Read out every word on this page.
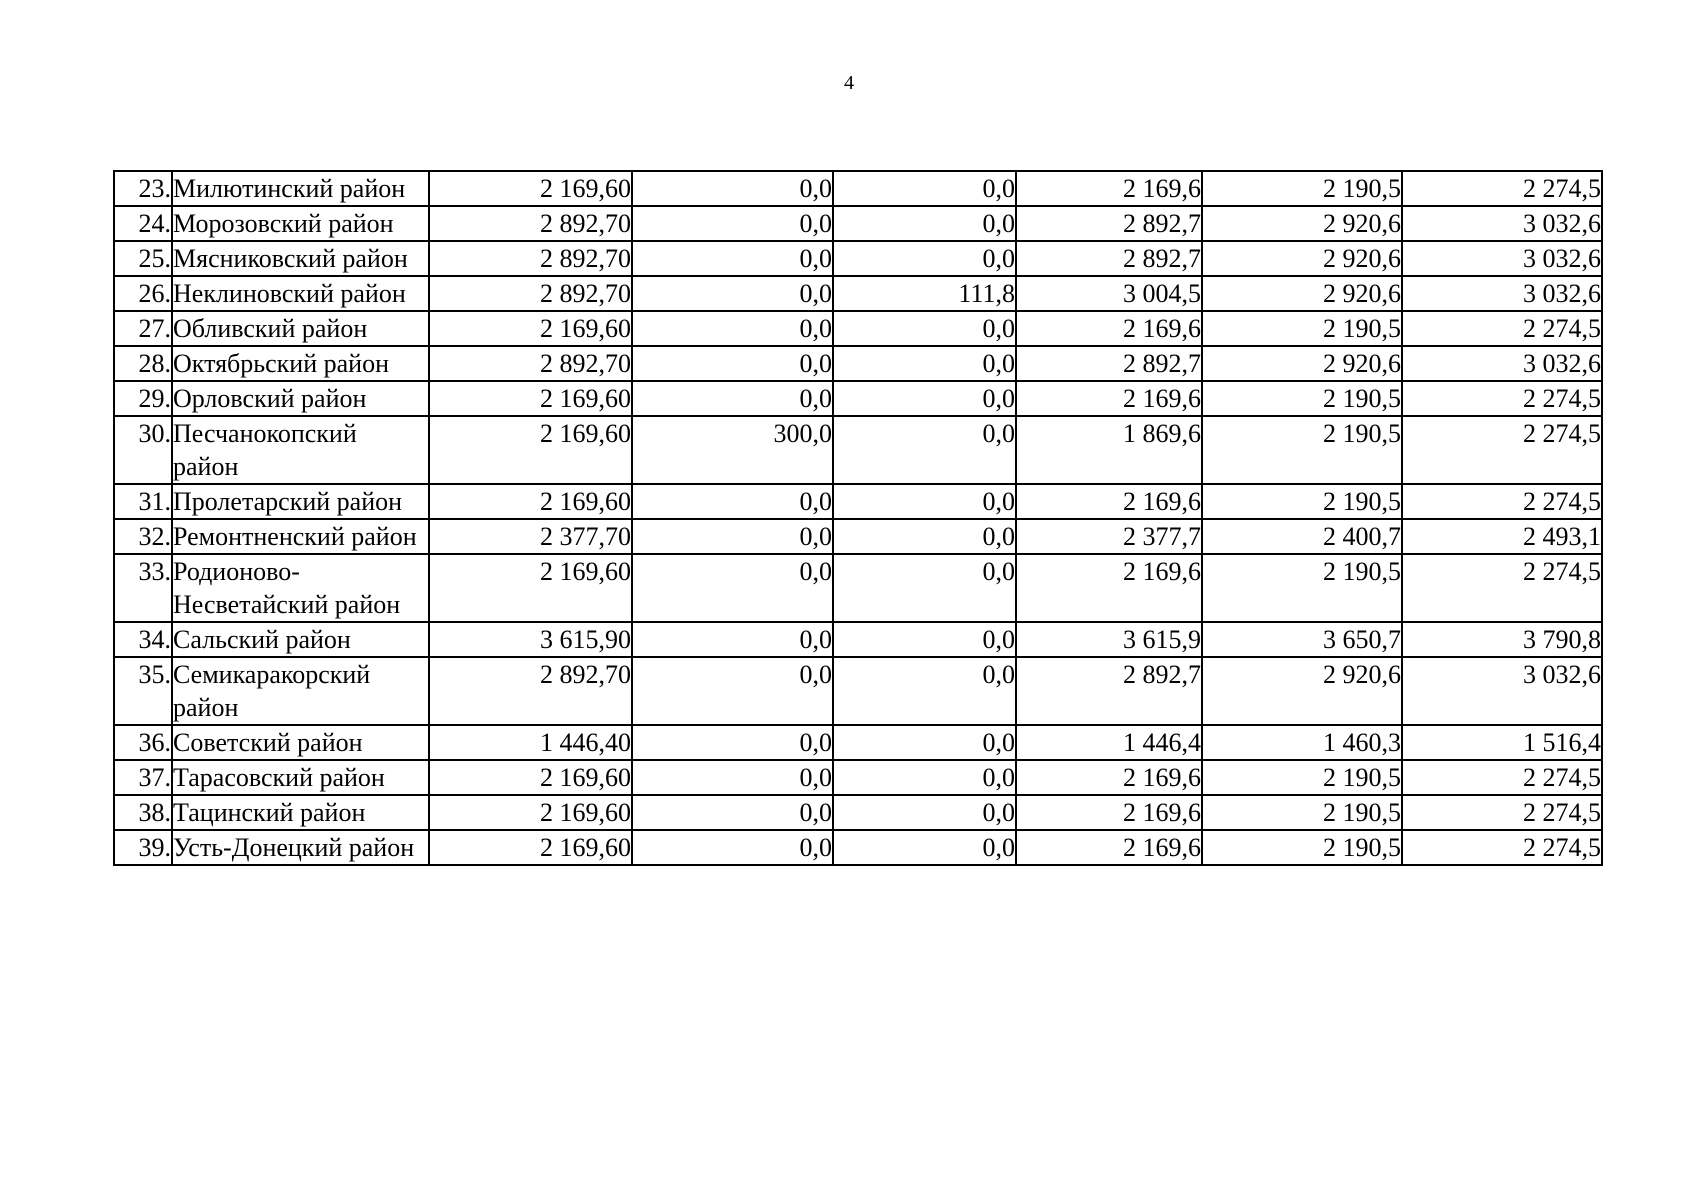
4
23.	Милютинский район	2 169,60	0,0	0,0	2 169,6	2 190,5	2 274,5
24.	Морозовский район	2 892,70	0,0	0,0	2 892,7	2 920,6	3 032,6
25.	Мясниковский район	2 892,70	0,0	0,0	2 892,7	2 920,6	3 032,6
26.	Неклиновский район	2 892,70	0,0	111,8	3 004,5	2 920,6	3 032,6
27.	Обливский район	2 169,60	0,0	0,0	2 169,6	2 190,5	2 274,5
28.	Октябрьский район	2 892,70	0,0	0,0	2 892,7	2 920,6	3 032,6
29.	Орловский район	2 169,60	0,0	0,0	2 169,6	2 190,5	2 274,5
30.	Песчанокопский район	2 169,60	300,0	0,0	1 869,6	2 190,5	2 274,5
31.	Пролетарский район	2 169,60	0,0	0,0	2 169,6	2 190,5	2 274,5
32.	Ремонтненский район	2 377,70	0,0	0,0	2 377,7	2 400,7	2 493,1
33.	Родионово-Несветайский район	2 169,60	0,0	0,0	2 169,6	2 190,5	2 274,5
34.	Сальский район	3 615,90	0,0	0,0	3 615,9	3 650,7	3 790,8
35.	Семикаракорский район	2 892,70	0,0	0,0	2 892,7	2 920,6	3 032,6
36.	Советский район	1 446,40	0,0	0,0	1 446,4	1 460,3	1 516,4
37.	Тарасовский район	2 169,60	0,0	0,0	2 169,6	2 190,5	2 274,5
38.	Тацинский район	2 169,60	0,0	0,0	2 169,6	2 190,5	2 274,5
39.	Усть-Донецкий район	2 169,60	0,0	0,0	2 169,6	2 190,5	2 274,5
